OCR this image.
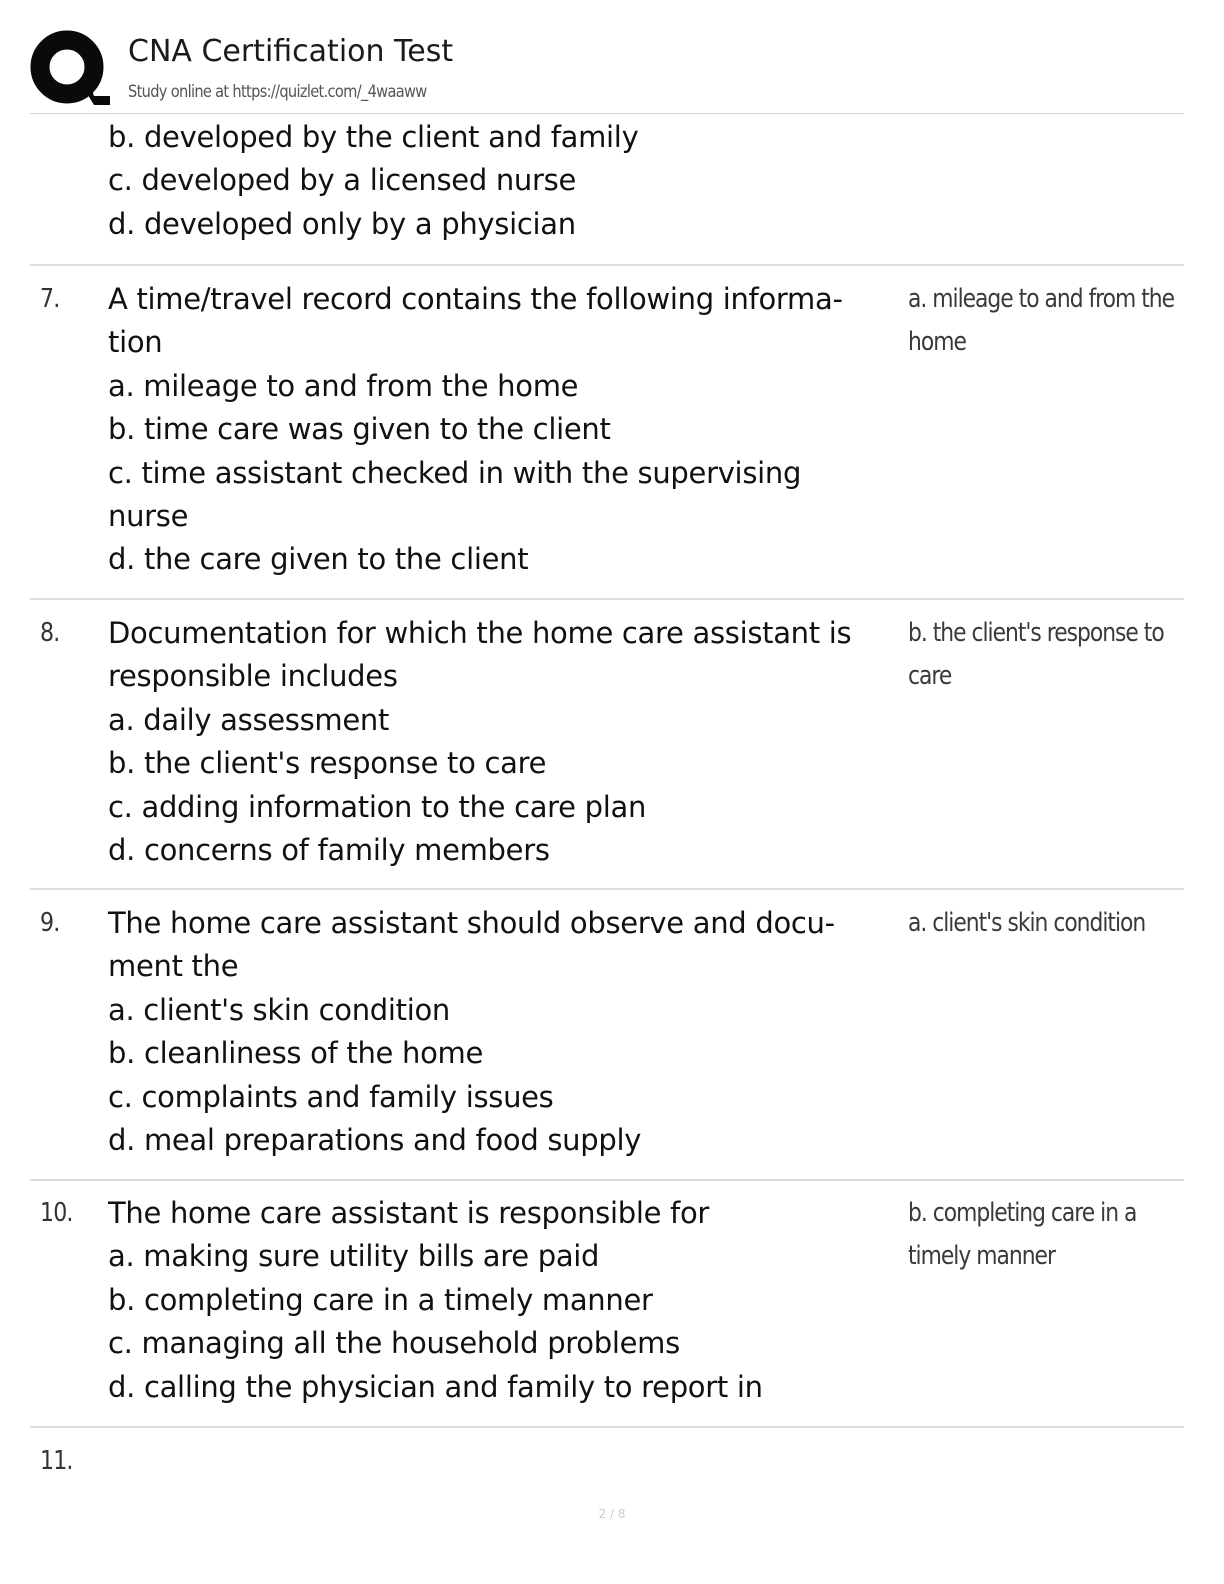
CNA Certification Test
Study online at https://quizlet.com/_4waaww
b. developed by the client and family
c. developed by a licensed nurse
d. developed only by a physician
7. A time/travel record contains the following informa-
tion
a. mileage to and from the home
b. time care was given to the client
c. time assistant checked in with the supervising
nurse
d. the care given to the client
a. mileage to and from the
home
8. Documentation for which the home care assistant is
responsible includes
a. daily assessment
b. the client's response to care
c. adding information to the care plan
d. concerns of family members
b. the client's response to
care
9. The home care assistant should observe and docu-
ment the
a. client's skin condition
b. cleanliness of the home
c. complaints and family issues
d. meal preparations and food supply
a. client's skin condition
10. The home care assistant is responsible for
a. making sure utility bills are paid
b. completing care in a timely manner
c. managing all the household problems
d. calling the physician and family to report in
b. completing care in a
timely manner
11.
2 / 8
